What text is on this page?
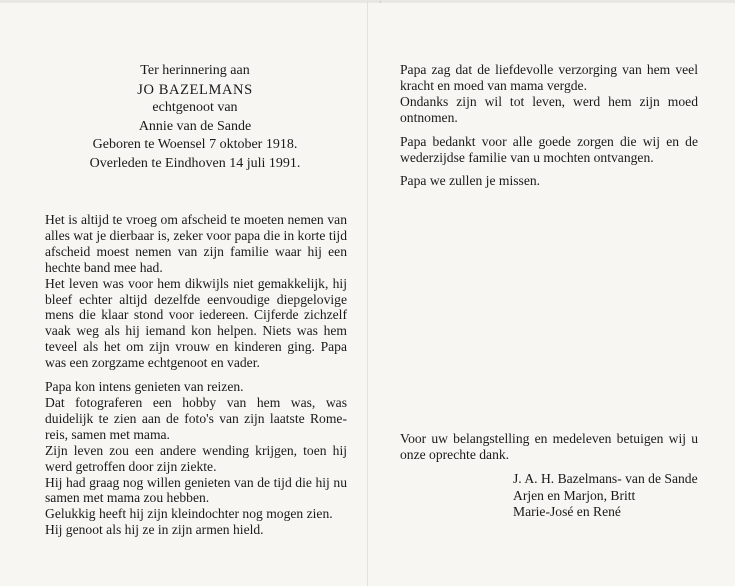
´
Ter herinnering aan
JO BAZELMANS
echtgenoot van
Annie van de Sande
Geboren te Woensel 7 oktober 1918.
Overleden te Eindhoven 14 juli 1991.

Het is altijd te vroeg om afscheid te moeten nemen van alles wat je dierbaar is, zeker voor papa die in korte tijd afscheid moest nemen van zijn familie waar hij een hechte band mee had.

Het leven was voor hem dikwijls niet gemakkelijk, hij bleef echter altijd dezelfde eenvoudige diepgelovige mens die klaar stond voor iedereen. Cijferde zichzelf vaak weg als hij iemand kon helpen. Niets was hem teveel als het om zijn vrouw en kinderen ging. Papa was een zorgzame echtgenoot en vader.

Papa kon intens genieten van reizen.

Dat fotograferen een hobby van hem was, was duidelijk te zien aan de foto's van zijn laatste Rome-reis, samen met mama.

Zijn leven zou een andere wending krijgen, toen hij werd getroffen door zijn ziekte.

Hij had graag nog willen genieten van de tijd die hij nu samen met mama zou hebben.

Gelukkig heeft hij zijn kleindochter nog mogen zien.

Hij genoot als hij ze in zijn armen hield.

Papa zag dat de liefdevolle verzorging van hem veel kracht en moed van mama vergde.

Ondanks zijn wil tot leven, werd hem zijn moed ontnomen.

Papa bedankt voor alle goede zorgen die wij en de wederzijdse familie van u mochten ontvangen.

Papa we zullen je missen.

Voor uw belangstelling en medeleven betuigen wij u onze oprechte dank.

J. A. H. Bazelmans- van de Sande
Arjen en Marjon, Britt
Marie-José en René
